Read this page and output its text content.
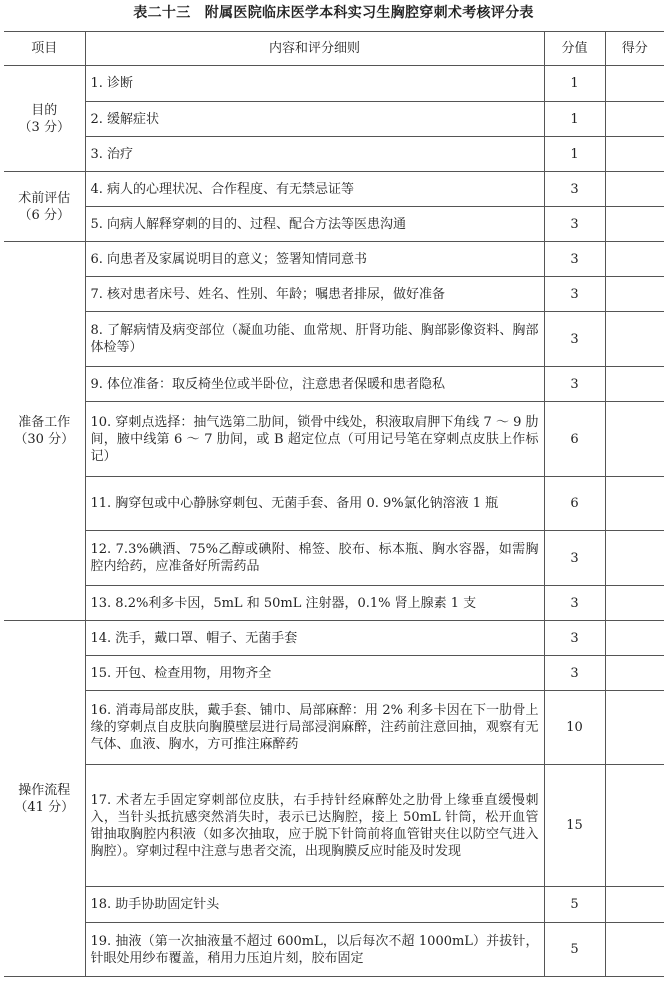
表二十三　附属医院临床医学本科实习生胸腔穿刺术考核评分表
项目	内容和评分细则	分值	得分

目的
（3 分）	1. 诊断	1	
	2. 缓解症状	1	
	3. 治疗	1	

术前评估
（6 分）	4. 病人的心理状况、合作程度、有无禁忌证等	3	
	5. 向病人解释穿刺的目的、过程、配合方法等医患沟通	3	

准备工作
（30 分）	6. 向患者及家属说明目的意义；签署知情同意书	3	
	7. 核对患者床号、姓名、性别、年龄；嘱患者排尿，做好准备	3	
	8. 了解病情及病变部位（凝血功能、血常规、肝肾功能、胸部影像资料、胸部体检等）	3	
	9. 体位准备：取反椅坐位或半卧位，注意患者保暖和患者隐私	3	
	10. 穿刺点选择：抽气选第二肋间，锁骨中线处，积液取肩胛下角线 7 ～ 9 肋间，腋中线第 6 ～ 7 肋间，或 B 超定位点（可用记号笔在穿刺点皮肤上作标记）	6	
	11. 胸穿包或中心静脉穿刺包、无菌手套、备用 0. 9%氯化钠溶液 1 瓶	6	
	12. 7.3%碘酒、75%乙醇或碘附、棉签、胶布、标本瓶、胸水容器，如需胸腔内给药，应准备好所需药品	3	
	13. 8.2%利多卡因，5mL 和 50mL 注射器，0.1% 肾上腺素 1 支	3	

操作流程
（41 分）	14. 洗手，戴口罩、帽子、无菌手套	3	
	15. 开包、检查用物，用物齐全	3	
	16. 消毒局部皮肤，戴手套、铺巾、局部麻醉：用 2% 利多卡因在下一肋骨上缘的穿刺点自皮肤向胸膜壁层进行局部浸润麻醉，注药前注意回抽，观察有无气体、血液、胸水，方可推注麻醉药	10	
	17. 术者左手固定穿刺部位皮肤，右手持针经麻醉处之肋骨上缘垂直缓慢刺入，当针头抵抗感突然消失时，表示已达胸腔，接上 50mL 针筒，松开血管钳抽取胸腔内积液（如多次抽取，应于脱下针筒前将血管钳夹住以防空气进入胸腔）。穿刺过程中注意与患者交流，出现胸膜反应时能及时发现	15	
	18. 助手协助固定针头	5	
	19. 抽液（第一次抽液量不超过 600mL，以后每次不超 1000mL）并拔针，针眼处用纱布覆盖，稍用力压迫片刻，胶布固定	5	
